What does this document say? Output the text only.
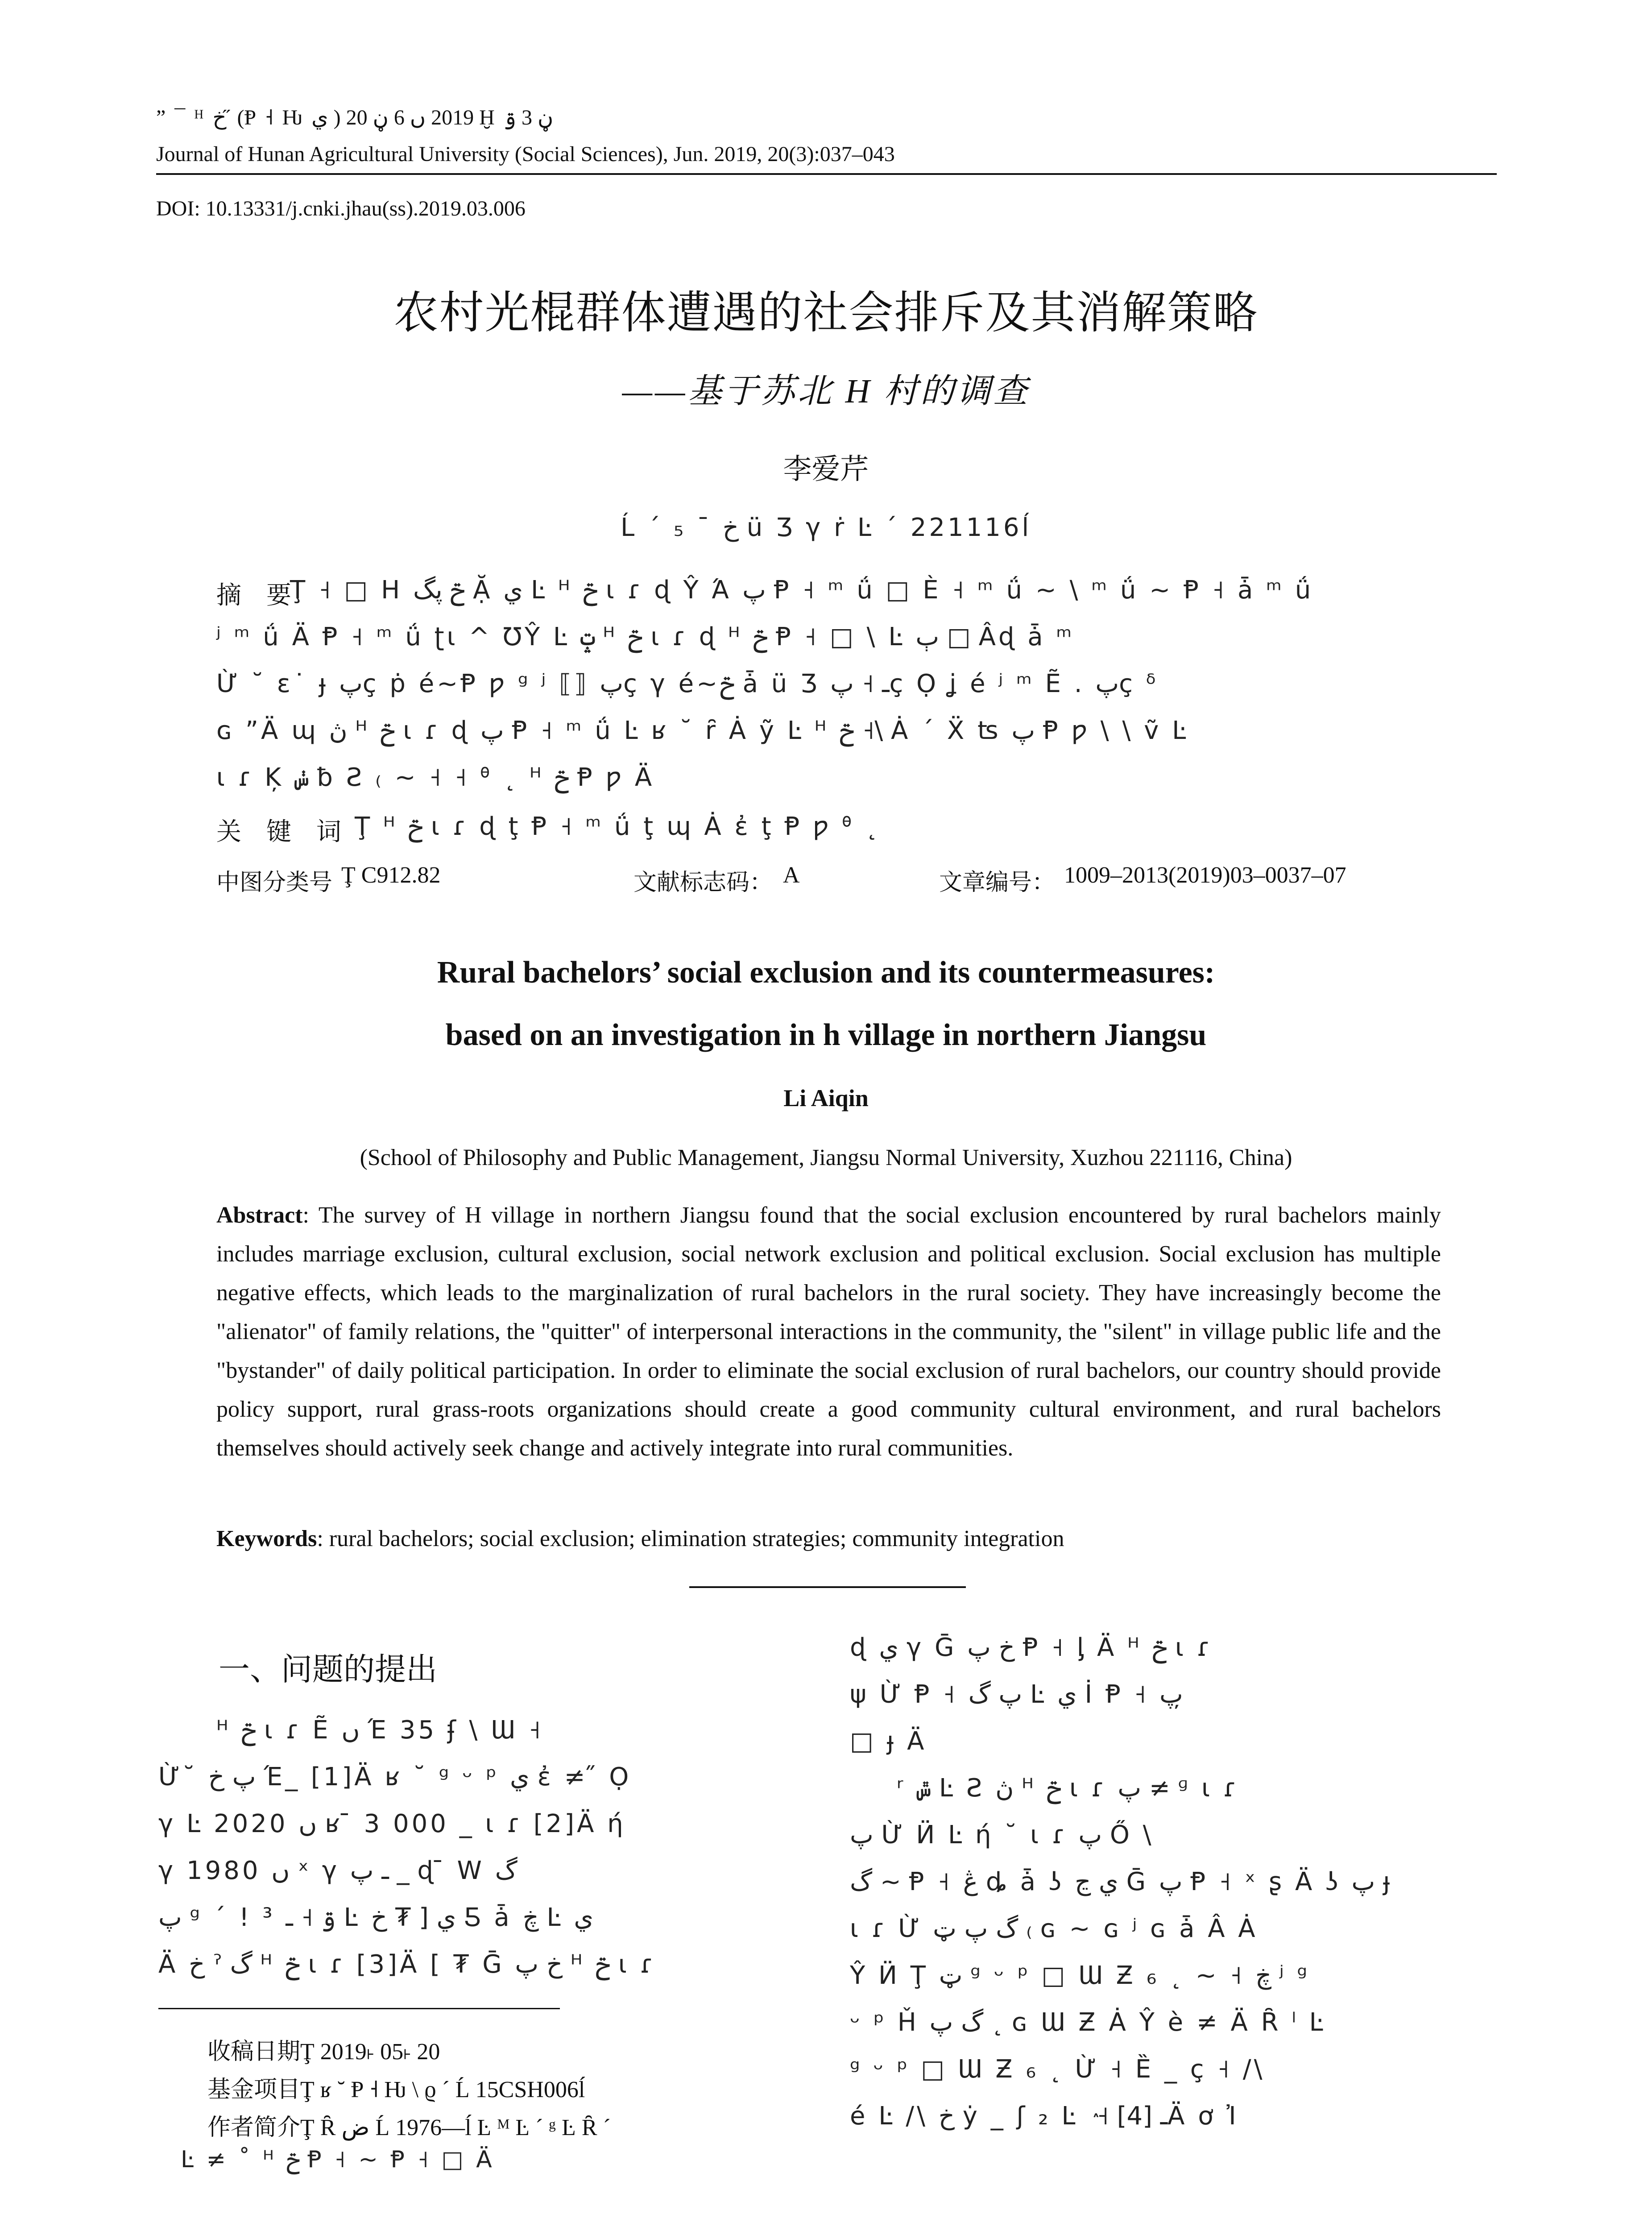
” ¯ ᴴ خ ̋ (Ᵽ ˧ Ƕ ي ) 2019 ں 6 ڼ 20 Ḫ ڼ 3 ۊ
Journal of Hunan Agricultural University (Social Sciences), Jun. 2019, 20(3):037–043
DOI: 10.13331/j.cnki.jhau(ss).2019.03.006
农村光棍群体遭遇的社会排斥及其消解策略
——基于苏北 H 村的调查
李爱芹
Ĺ ˊ ₅ ˉ خ ü Ʒ γ ṙ Ŀ ˊ 221116ĺ
摘　要
Ţ ˧ □ H ݗ پگ Ặ ي Ŀ ᴴ ݗ ɩ ɾ ɖ Ŷ Ά پ Ᵽ ˧ ᵐ ǘ □ È ˧ ᵐ ǘ ~ \ ᵐ ǘ ~ Ᵽ ˧ ǡ ᵐ ǘ
ʲ ᵐ ǘ Ä Ᵽ ˧ ᵐ ǘ ʈɩ ^ ƱŶ Ŀ ݓ ᴴ ݗ ɩ ɾ ɖ ᴴ ݗ Ᵽ ˧ □ \ Ŀ ٻ □ Âɖ ǡ ᵐ
Ừ ˘ ɛ˙ ɟ پç ṗ é~Ᵽ ƿ ᵍ ʲ ⟦⟧ پç γ é~ݗ ǡ ü Ʒ ـ ˧ پç Ọ ʝ é ʲ ᵐ Ẽ . پç ᵟ
ɢ ”Ä ɰ ڽ ᴴ ݗ ɩ ɾ ɖ پ Ᵽ ˧ ᵐ ǘ Ŀ ʁ ˘ ȓ Ȧ ỹ Ŀ ᴴ ݗ ˧\ Ȧ ˊ Ẍ ʦ پ Ᵽ ƿ \ \ ṽ Ŀ
ɩ ɾ Ķ ݭ ƀ Ƨ ₍ ~ ˧ ˧ ᶿ ˛ ᴴ ݗ Ᵽ ƿ Ä
关　键　词 Ţ ᴴ ݗ ɩ ɾ ɖ ţ Ᵽ ˧ ᵐ ǘ ţ ɰ Ȧ ἐ ţ Ᵽ ƿ ᶿ ˛
中图分类号 Ţ C912.82	文献标志码： A	文章编号： 1009–2013(2019)03–0037–07
Rural bachelors’ social exclusion and its countermeasures:
based on an investigation in h village in northern Jiangsu
Li Aiqin
(School of Philosophy and Public Management, Jiangsu Normal University, Xuzhou 221116, China)
Abstract: The survey of H village in northern Jiangsu found that the social exclusion encountered by rural bachelors mainly includes marriage exclusion, cultural exclusion, social network exclusion and political exclusion. Social exclusion has multiple negative effects, which leads to the marginalization of rural bachelors in the rural society. They have increasingly become the "alienator" of family relations, the "quitter" of interpersonal interactions in the community, the "silent" in village public life and the "bystander" of daily political participation. In order to eliminate the social exclusion of rural bachelors, our country should provide policy support, rural grass-roots organizations should create a good community cultural environment, and rural bachelors themselves should actively seek change and actively integrate into rural communities.
Keywords: rural bachelors; social exclusion; elimination strategies; community integration
一、问题的提出
ᴴ ݗ ɩ ɾ Ẽ ں Έ 35 ʄ \ Ɯ ˧
Ừ˘ پ خ Έ_ [1]Ä ʁ ˘ ᵍ ᵕ ᵖ ي ἐ ≠ ̋ Ọ
γ Ŀ 2020 ں ʁ ̄ 3 000 _ ɩ ɾ [2]Ä ή
γ 1980 ں ˣ γ ـ پ _ ɖ ̄ W گ
پ ᵍ ˊ ! ³ ۊ ˧ ـ Ŀ ي [ ₮ خ Ƽ ǡ ڿ Ŀ ي
Ä خ ˀ گ ᴴ ݗ ɩ ɾ [3]Ä [ ₮ Ḡ خ پ ᴴ ݗ ɩ ɾ
ɖ ي γ Ḡ خ پ Ᵽ ˧ ᶅ Ä ᴴ ݗ ɩ ɾ
ψ Ừ Ᵽ ˧ پ گ Ŀ ي İ Ᵽ ˧ پ ̦
□ ɟ Ä
ʳ ݜ Ŀ Ƨ ڽ ᴴ ݗ ɩ ɾ پ ≠ ᶢ ɩ ɾ
پ Ừ Ӥ Ŀ ή ˘ ɩ ɾ پ Ő \
گ ~ Ᵽ ˧ ڠ ȡ ǡ ʖ ي ڃ Ḡ پ Ᵽ ˧ ˣ ʂ Ä ʖ پ ɟ
ɩ ɾ Ừ گ پ ټ ₍ ɢ ~ ɢ ʲ ɢ ǡ Â Ȧ
Ŷ Ӥ Ţ ټ ᵍ ᵕ ᵖ □ Ɯ Ƶ ₆ ˛ ~ ˧ ڿ ʲ ᵍ
ᵕ ᵖ Ȟ گ پ ˛ ɢ Ɯ Ƶ Ȧ Ŷ è ≠ Ä Ȓ ˡ Ŀ
ᵍ ᵕ ᵖ □ Ɯ Ƶ ₆ ˛ Ừ ˧ Ȅ _ ç ˧ /\
é Ŀ /\ خ ẏ _ ʃ ₂ Ŀ ٛ ˧ ـ [4]Ä ơ Ἰ
收稿日期Ţ 2019˫ 05˫ 20
基金项目Ţ ʁ ˘ Ᵽ ˧ Ƕ \ ϱ ˊ Ĺ 15CSH006ĺ
作者简介Ţ Ȓ ض Ĺ 1976—ĺ Ŀ ᴹ Ŀ ˊ ᵍ Ŀ Ȓ ˊ
Ŀ ≠ ˚ ᴴ ݗ Ᵽ ˧ ~ Ᵽ ˧ □ Ä
